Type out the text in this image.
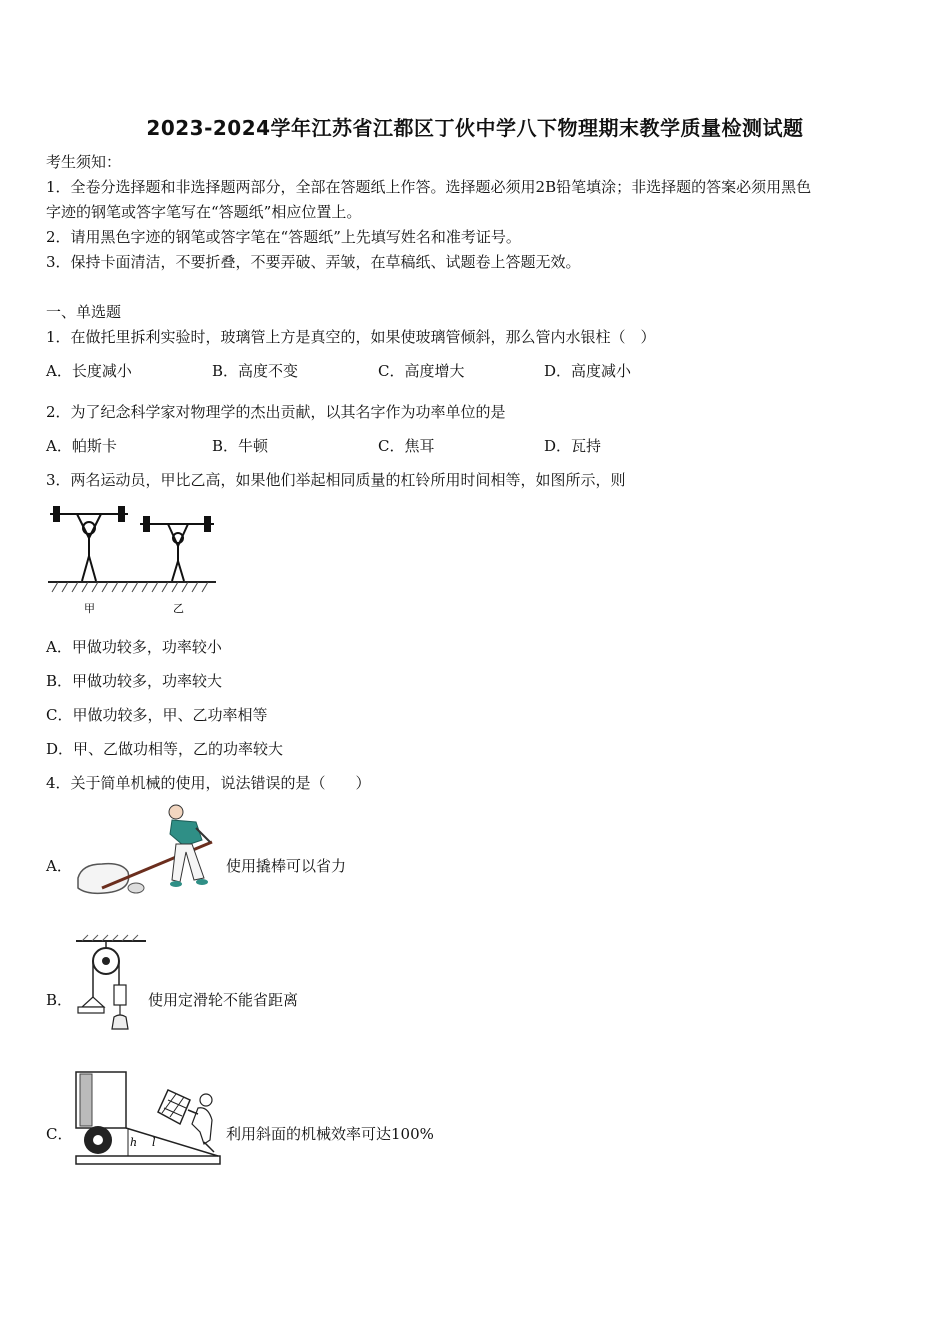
2023-2024学年江苏省江都区丁伙中学八下物理期末教学质量检测试题
考生须知：
1．全卷分选择题和非选择题两部分，全部在答题纸上作答。选择题必须用2B铅笔填涂；非选择题的答案必须用黑色
字迹的钢笔或答字笔写在“答题纸”相应位置上。
2．请用黑色字迹的钢笔或答字笔在“答题纸”上先填写姓名和准考证号。
3．保持卡面清洁，不要折叠，不要弄破、弄皱，在草稿纸、试题卷上答题无效。
一、单选题
1．在做托里拆利实验时，玻璃管上方是真空的，如果使玻璃管倾斜，那么管内水银柱（　）
A．长度减小	B．高度不变	C．高度增大	D．高度减小
2．为了纪念科学家对物理学的杰出贡献，以其名字作为功率单位的是
A．帕斯卡	B．牛顿	C．焦耳	D．瓦持
3．两名运动员，甲比乙高，如果他们举起相同质量的杠铃所用时间相等，如图所示，则
甲	乙
A．甲做功较多，功率较小
B．甲做功较多，功率较大
C．甲做功较多，甲、乙功率相等
D．甲、乙做功相等，乙的功率较大
4．关于简单机械的使用，说法错误的是（　　）
A．	使用撬棒可以省力
B．	使用定滑轮不能省距离
C．	h l	利用斜面的机械效率可达100%
